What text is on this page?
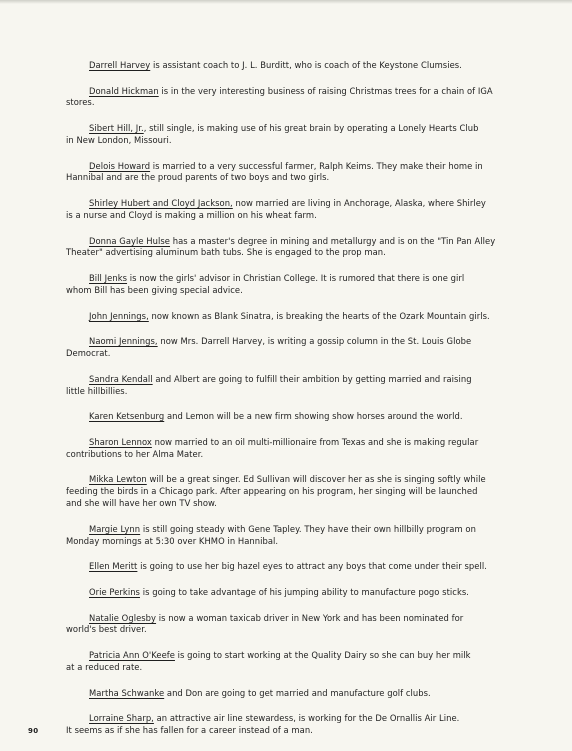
Darrell Harvey is assistant coach to J. L. Burditt, who is coach of the Keystone Clumsies.

Donald Hickman is in the very interesting business of raising Christmas trees for a chain of IGA
stores.

Sibert Hill, Jr., still single, is making use of his great brain by operating a Lonely Hearts Club
in New London, Missouri.

Delois Howard is married to a very successful farmer, Ralph Keims. They make their home in
Hannibal and are the proud parents of two boys and two girls.

Shirley Hubert and Cloyd Jackson, now married are living in Anchorage, Alaska, where Shirley
is a nurse and Cloyd is making a million on his wheat farm.

Donna Gayle Hulse has a master's degree in mining and metallurgy and is on the "Tin Pan Alley
Theater" advertising aluminum bath tubs. She is engaged to the prop man.

Bill Jenks is now the girls' advisor in Christian College. It is rumored that there is one girl
whom Bill has been giving special advice.

John Jennings, now known as Blank Sinatra, is breaking the hearts of the Ozark Mountain girls.

Naomi Jennings, now Mrs. Darrell Harvey, is writing a gossip column in the St. Louis Globe
Democrat.

Sandra Kendall and Albert are going to fulfill their ambition by getting married and raising
little hillbillies.

Karen Ketsenburg and Lemon will be a new firm showing show horses around the world.

Sharon Lennox now married to an oil multi-millionaire from Texas and she is making regular
contributions to her Alma Mater.

Mikka Lewton will be a great singer. Ed Sullivan will discover her as she is singing softly while
feeding the birds in a Chicago park. After appearing on his program, her singing will be launched
and she will have her own TV show.

Margie Lynn is still going steady with Gene Tapley. They have their own hillbilly program on
Monday mornings at 5:30 over KHMO in Hannibal.

Ellen Meritt is going to use her big hazel eyes to attract any boys that come under their spell.

Orie Perkins is going to take advantage of his jumping ability to manufacture pogo sticks.

Natalie Oglesby is now a woman taxicab driver in New York and has been nominated for
world's best driver.

Patricia Ann O'Keefe is going to start working at the Quality Dairy so she can buy her milk
at a reduced rate.

Martha Schwanke and Don are going to get married and manufacture golf clubs.

Lorraine Sharp, an attractive air line stewardess, is working for the De Ornallis Air Line.
It seems as if she has fallen for a career instead of a man.

90
